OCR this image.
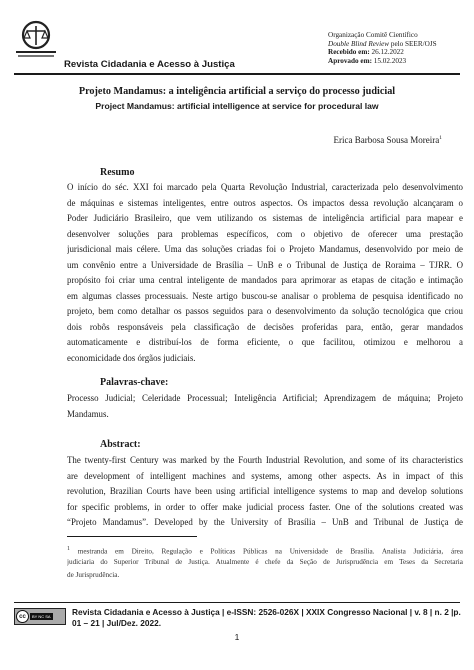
Revista Cidadania e Acesso à Justiça
Organização Comitê Científico
Double Blind Review pelo SEER/OJS
Recebido em: 26.12.2022
Aprovado em: 15.02.2023
Projeto Mandamus: a inteligência artificial a serviço do processo judicial
Project Mandamus: artificial intelligence at service for procedural law
Erica Barbosa Sousa Moreira$^1$
Resumo
O início do séc. XXI foi marcado pela Quarta Revolução Industrial, caracterizada pelo desenvolvimento
de máquinas e sistemas inteligentes, entre outros aspectos. Os impactos dessa revolução alcançaram o
Poder Judiciário Brasileiro, que vem utilizando os sistemas de inteligência artificial para mapear e
desenvolver soluções para problemas específicos, com o objetivo de oferecer uma prestação
jurisdicional mais célere. Uma das soluções criadas foi o Projeto Mandamus, desenvolvido por meio de
um convênio entre a Universidade de Brasília – UnB e o Tribunal de Justiça de Roraima – TJRR. O
propósito foi criar uma central inteligente de mandados para aprimorar as etapas de citação e intimação
em algumas classes processuais. Neste artigo buscou-se analisar o problema de pesquisa identificado no
projeto, bem como detalhar os passos seguidos para o desenvolvimento da solução tecnológica que criou
dois robôs responsáveis pela classificação de decisões proferidas para, então, gerar mandados
automaticamente e distribuí-los de forma eficiente, o que facilitou, otimizou e melhorou a
economicidade dos órgãos judiciais.
Palavras-chave:
Processo Judicial; Celeridade Processual; Inteligência Artificial; Aprendizagem de máquina; Projeto
Mandamus.
Abstract:
The twenty-first Century was marked by the Fourth Industrial Revolution, and some of its characteristics
are development of intelligent machines and systems, among other aspects. As in impact of this
revolution, Brazilian Courts have been using artificial intelligence systems to map and develop solutions
for specific problems, in order to offer make judicial process faster. One of the solutions created was
“Projeto Mandamus”. Developed by the University of Brasília – UnB and Tribunal de Justiça de
$^1$ mestranda em Direito, Regulação e Políticas Públicas na Universidade de Brasília. Analista Judiciária, área
judiciaria do Superior Tribunal de Justiça. Atualmente é chefe da Seção de Jurisprudência em Teses da Secretaria
de Jurisprudência.
cc	BY NC SA	Revista Cidadania e Acesso à Justiça | e-ISSN: 2526-026X | XXIX Congresso Nacional | v. 8 | n. 2 |p.
01 – 21 | Jul/Dez. 2022.
1
